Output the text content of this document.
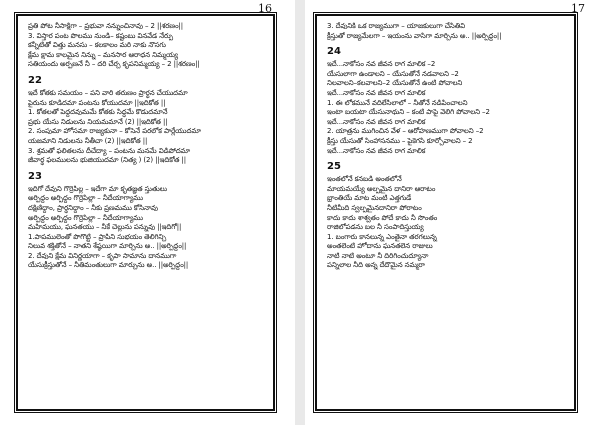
16
ప్రతి పోట నీసాక్షిగా – ప్రభువా నన్నుంచినావు – 2 ||శరణం||
3. విస్తార పంట పొలము నుండి– కష్టంబు వినవేడ నేర్పు
కన్నీటితో విత్తు మనసు – కలకాలం మరి నాకు నొసగు
క్షేమ క్షామ కాలమైన నిన్ను – మనసార ఆరాధన నిమ్మయ్య
సతియందు అర్పణనే నీ – దరి చేర్చ కృపనిమ్మయ్య – 2 ||శరణం||
22
ఇదే కోతకు సమయం – పని వారి తరుణం ప్రార్థన చేయుదమా
పైరును కూడిదమా పంటను కోయుదమా ||ఇదికోత ||
1. కోతలతో పెద్దదవుమమే కోతకు సిద్ధమే కొడుదమానే
ప్రభు యేసు నిడులను నియమమానే (2) ||ఇదికోత ||
2. సంపుమా హోసమా రాజ్యకునా – కోసెనే పరలోక పార్లేయుదమా
యజమాని నిడులను నీతీచా (2) ||ఇదికోత ||
3. శ్రమతో ఫలితలను దీచేద్యా – పంటను మనమే విడిపోదమా
జీవార్థ ఫలములను భుజియుదమా (నిత్య ) (2) ||ఇదికోత ||
23
ఇదిగో దేవుని గొర్రెపిల్ల – ఇదేగా మా కృతజ్ఞత స్తుతులు
అర్పిద్దం అర్పిద్దం గొర్రెపిల్లా – నీదేయాగ్యాము
దక్షిణిద్దాం, ప్రార్థనిద్దాం – నీకు ప్రణమము కోసినావు
అర్పిద్దం అర్పిద్దం గొర్రెపిల్లా – నీదేయాగ్యాము
మహిమయు, ఘనతయు – నీకే చెల్లును పన్నువు ||ఇదిగో||
1.పాపములెంతో పొగొట్టి – ప్రాపిని సుభయం తెలిగిన్చి
నిలువ శక్తితోనే – నాతని శేష్ఠయిగా మార్చిను అ.. ||అర్పిద్దం||
2. దేవుని క్షేమ వినిర్ణయాగా – కృపా సామాను దానముగా
యేసుక్రీస్తుతోనే – నీతిమంతులుగా మార్చును అ.. ||అర్పిద్దం||
17
3. దేవునికి ఒక రాజ్యముగా – యాజకులుగా చేసితివి
క్రీస్తుతో రాజ్యమేలగా – ఇయంను వాసిగా మార్చిను అ.. ||అర్పిద్దం||
24
ఇదే...నాకోసం నవ జీవన రాగ మాలిక –2
యేసులాగా ఉండాలని – యేసుతోనే నడవాలని –2
నిలవాలని–కలవాలని–2 యేసుతోనే ఉంటి పోవాలని
ఇదే...నాకోసం నవ జీవన రాగ మాలిక
1. ఈ లోకమునే వదిలేసిలాలో – నీతోనే నడిపించాలని
ఇంటా బయటా యేసునాథుని – కంటి పాపై వెలిగి పోవాలని –2
ఇదే...నాకోసం నవ జీవన రాగ మాలిక
2. యాత్రను ముగించిన వేళ – ఆరోహణముగా పోవాలని –2
క్రీస్తు యేసుతో సింహాసనము – పైకెగసి కూర్చోవాలని – 2
ఇదే...నాకోసం నవ జీవన రాగ మాలిక
25
ఇంతలోనే కనబడి అంతలోనే
మాయమయ్యే అల్పమైన దానిరా ఆరాటం
భ్రాంతియే మాట మంటి ఎత్తగుడే
నీటిమీది స్వల్పమైనదానిరా పోరాటం
కాదు కాదు శాశ్వతం పోదే కాదు నీ సొంతం
రాజిలోపడను బల నీ సంపాదిస్తుయ్య
1. బంగారు కానలున్న ఎంతైనా తరగలున్న
అంతలెంటి హోదాను ఘనతలెన రాజులు
నాటి నాటి అంటూ నీ దిరిగించుద్యూనా
పన్నిలాల నీది అన్న దేదొమైన నమ్మరా
